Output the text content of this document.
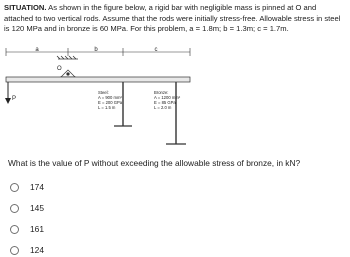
SITUATION. As shown in the figure below, a rigid bar with negligible mass is pinned at O and attached to two vertical rods. Assume that the rods were initially stress-free. Allowable stress in steel is 120 MPa and in bronze is 60 MPa. For this problem, a = 1.8m; b = 1.3m; c = 1.7m.
a	b	c
O
P
Steel: A = 900 mm² E = 200 GPa L = 1.5 m
Bronze: A = 1200 mm² E = 85 GPa L = 2.0 m
What is the value of P without exceeding the allowable stress of bronze, in kN?
174
145
161
124
